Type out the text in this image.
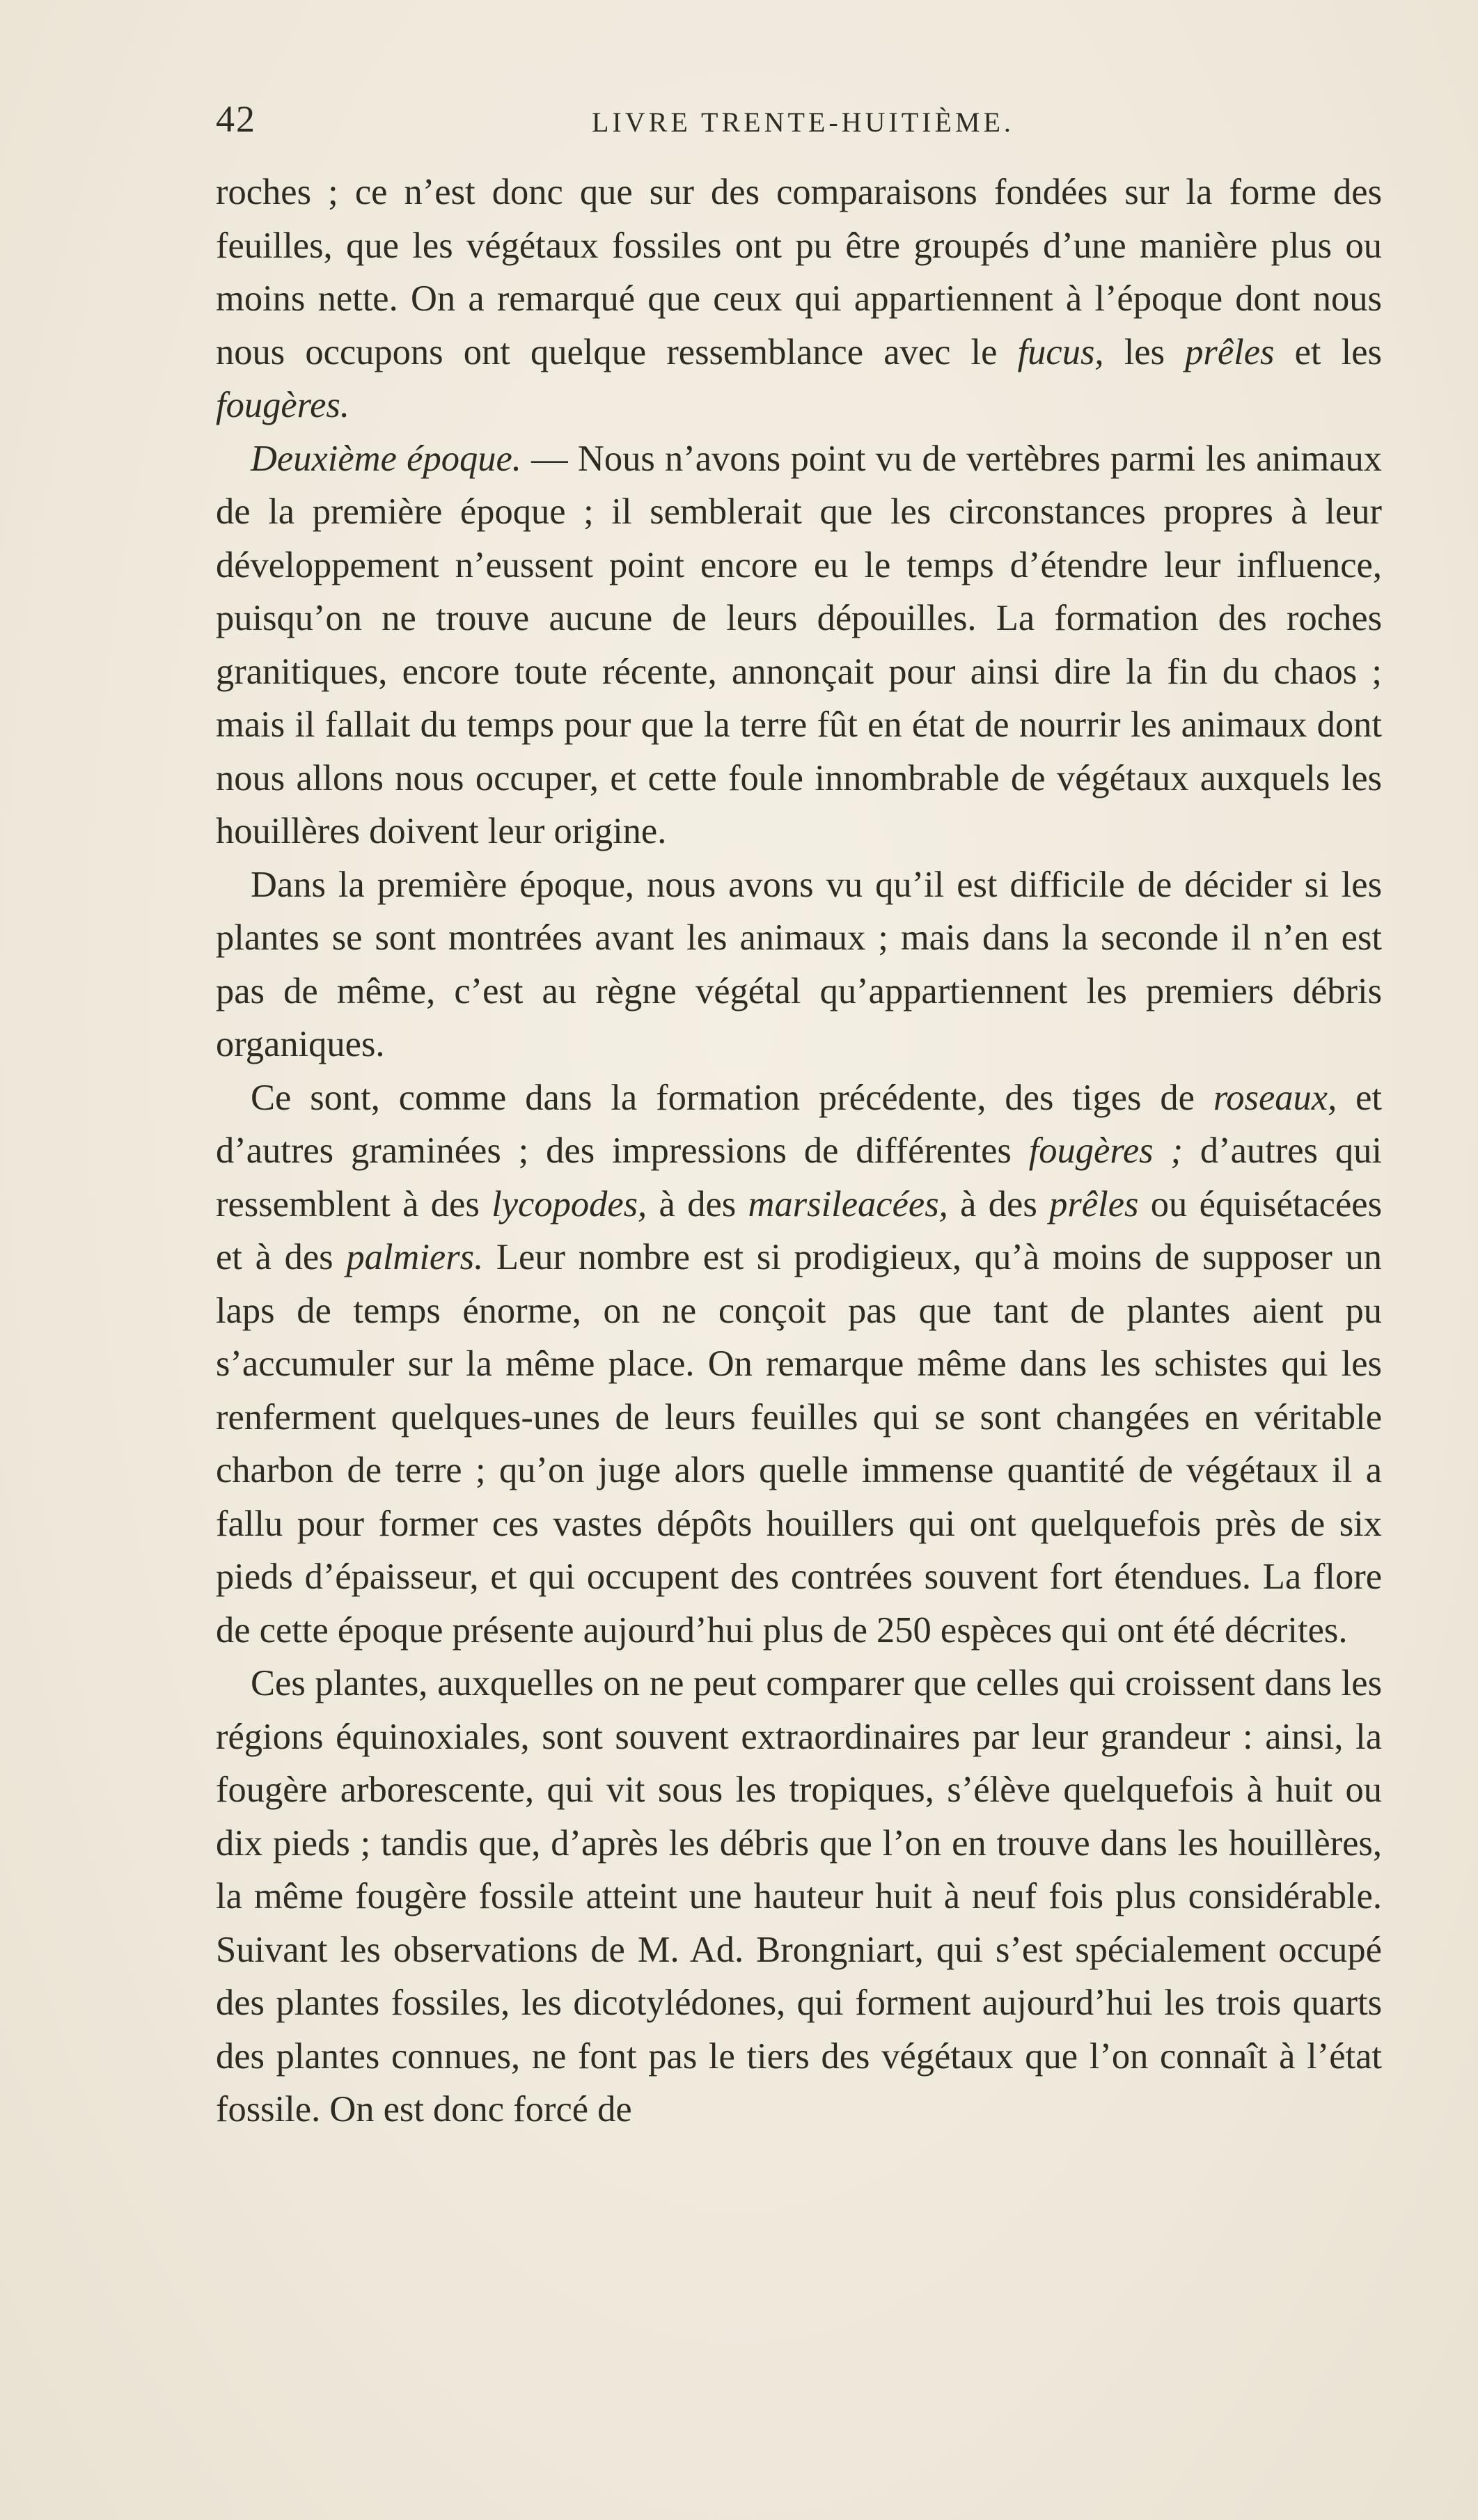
42	LIVRE TRENTE-HUITIÈME.

roches ; ce n’est donc que sur des comparaisons fondées sur la forme des feuilles, que les végétaux fossiles ont pu être groupés d’une manière plus ou moins nette. On a remarqué que ceux qui appartiennent à l’époque dont nous nous occupons ont quelque ressemblance avec le fucus, les prêles et les fougères.

Deuxième époque. — Nous n’avons point vu de vertèbres parmi les animaux de la première époque ; il semblerait que les circonstances propres à leur développement n’eussent point encore eu le temps d’étendre leur influence, puisqu’on ne trouve aucune de leurs dépouilles. La formation des roches granitiques, encore toute récente, annonçait pour ainsi dire la fin du chaos ; mais il fallait du temps pour que la terre fût en état de nourrir les animaux dont nous allons nous occuper, et cette foule innombrable de végétaux auxquels les houillères doivent leur origine.

Dans la première époque, nous avons vu qu’il est difficile de décider si les plantes se sont montrées avant les animaux ; mais dans la seconde il n’en est pas de même, c’est au règne végétal qu’appartiennent les premiers débris organiques.

Ce sont, comme dans la formation précédente, des tiges de roseaux, et d’autres graminées ; des impressions de différentes fougères ; d’autres qui ressemblent à des lycopodes, à des marsileacées, à des prêles ou équisétacées et à des palmiers. Leur nombre est si prodigieux, qu’à moins de supposer un laps de temps énorme, on ne conçoit pas que tant de plantes aient pu s’accumuler sur la même place. On remarque même dans les schistes qui les renferment quelques-unes de leurs feuilles qui se sont changées en véritable charbon de terre ; qu’on juge alors quelle immense quantité de végétaux il a fallu pour former ces vastes dépôts houillers qui ont quelquefois près de six pieds d’épaisseur, et qui occupent des contrées souvent fort étendues. La flore de cette époque présente aujourd’hui plus de 250 espèces qui ont été décrites.

Ces plantes, auxquelles on ne peut comparer que celles qui croissent dans les régions équinoxiales, sont souvent extraordinaires par leur grandeur : ainsi, la fougère arborescente, qui vit sous les tropiques, s’élève quelquefois à huit ou dix pieds ; tandis que, d’après les débris que l’on en trouve dans les houillères, la même fougère fossile atteint une hauteur huit à neuf fois plus considérable. Suivant les observations de M. Ad. Brongniart, qui s’est spécialement occupé des plantes fossiles, les dicotylédones, qui forment aujourd’hui les trois quarts des plantes connues, ne font pas le tiers des végétaux que l’on connaît à l’état fossile. On est donc forcé de
